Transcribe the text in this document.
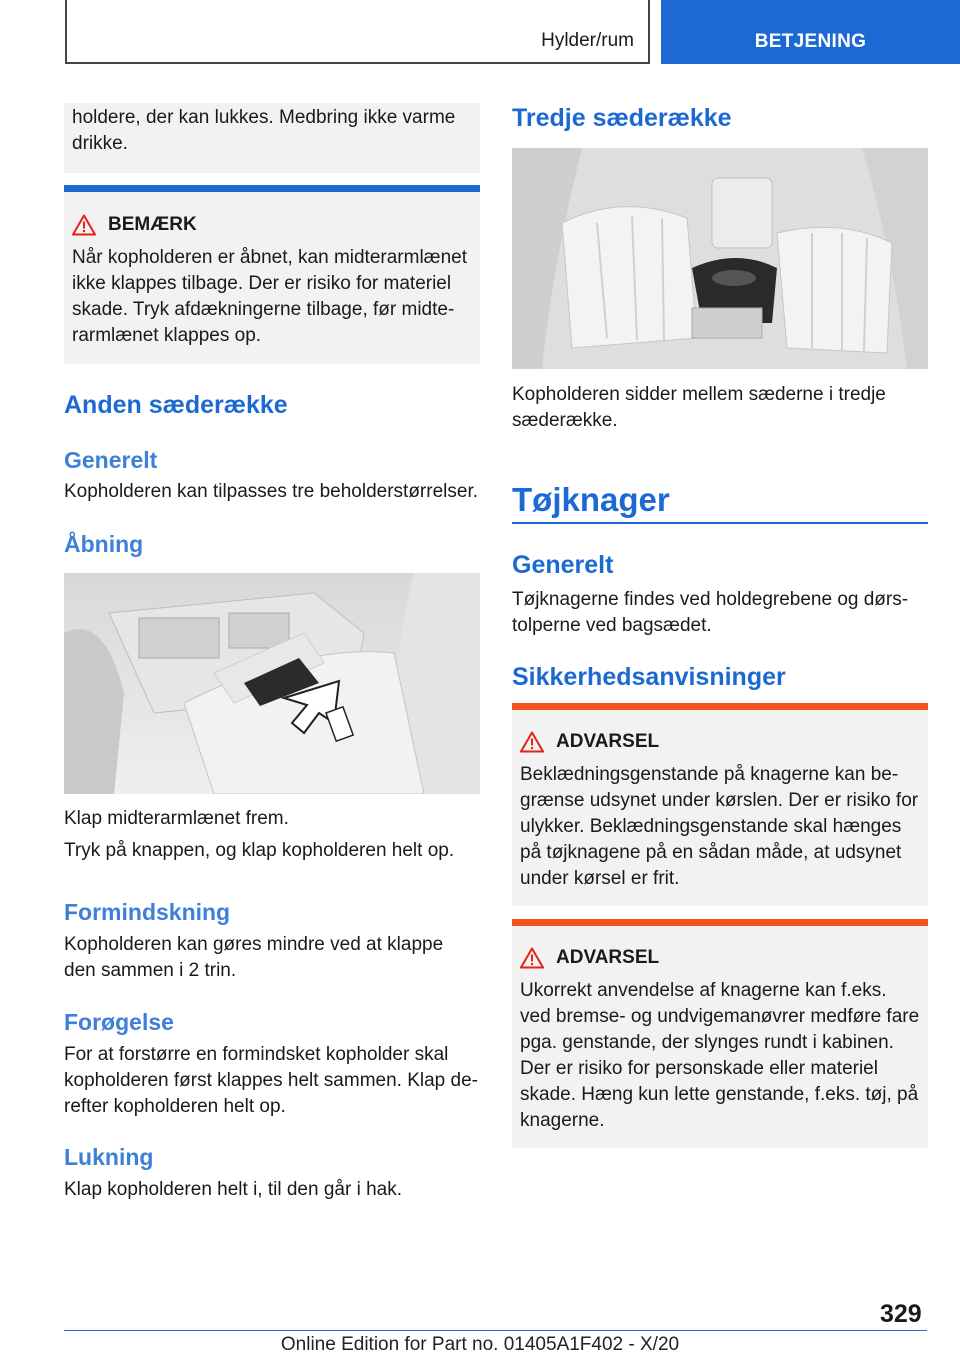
Hylder/rum	BETJENING
holdere, der kan lukkes. Medbring ikke varme drikke.
BEMÆRK
Når kopholderen er åbnet, kan midterarmlænet ikke klappes tilbage. Der er risiko for materiel skade. Tryk afdækningerne tilbage, før midterarmlænet klappes op.
Anden sæderække
Generelt
Kopholderen kan tilpasses tre beholderstørrelser.
Åbning
Klap midterarmlænet frem.
Tryk på knappen, og klap kopholderen helt op.
Formindskning
Kopholderen kan gøres mindre ved at klappe den sammen i 2 trin.
Forøgelse
For at forstørre en formindsket kopholder skal kopholderen først klappes helt sammen. Klap derefter kopholderen helt op.
Lukning
Klap kopholderen helt i, til den går i hak.
Tredje sæderække
Kopholderen sidder mellem sæderne i tredje sæderække.
Tøjknager
Generelt
Tøjknagerne findes ved holdegrebene og dørstolperne ved bagsædet.
Sikkerhedsanvisninger
ADVARSEL
Beklædningsgenstande på knagerne kan begrænse udsynet under kørslen. Der er risiko for ulykker. Beklædningsgenstande skal hænges på tøjknagene på en sådan måde, at udsynet under kørsel er frit.
ADVARSEL
Ukorrekt anvendelse af knagerne kan f.eks. ved bremse- og undvigemanøvrer medføre fare pga. genstande, der slynges rundt i kabinen. Der er risiko for personskade eller materiel skade. Hæng kun lette genstande, f.eks. tøj, på knagerne.
329
Online Edition for Part no. 01405A1F402 - X/20
